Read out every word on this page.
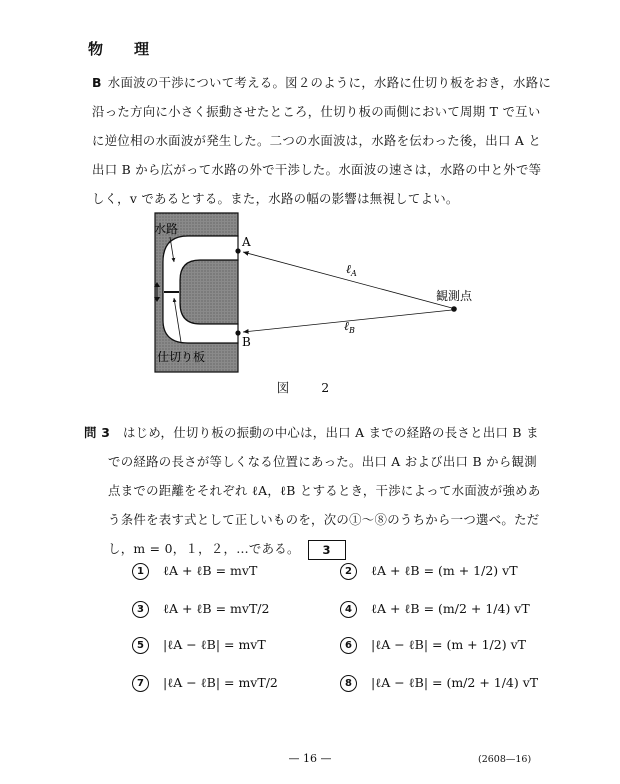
物　理

B 水面波の干渉について考える。図２のように，水路に仕切り板をおき，水路に

沿った方向に小さく振動させたところ，仕切り板の両側において周期 T で互い

に逆位相の水面波が発生した。二つの水面波は，水路を伝わった後，出口 A と

出口 B から広がって水路の外で干渉した。水面波の速さは，水路の中と外で等

しく，v であるとする。また，水路の幅の影響は無視してよい。

水路
仕切り板
A
B
観測点
ℓ$_A$
ℓ$_B$
図 2

問 3　 はじめ，仕切り板の振動の中心は，出口 A までの経路の長さと出口 B ま

での経路の長さが等しくなる位置にあった。出口 A および出口 B から観測

点までの距離をそれぞれ ℓA，ℓB とするとき，干渉によって水面波が強めあ

う条件を表す式として正しいものを，次の①～⑧のうちから一つ選べ。ただ

し，m = 0，１，２，…である。 3

1	ℓA + ℓB = mvT	2	ℓA + ℓB = (m + 1/2) vT
3	ℓA + ℓB = mvT/2	4	ℓA + ℓB = (m/2 + 1/4) vT
5	|ℓA − ℓB| = mvT	6	|ℓA − ℓB| = (m + 1/2) vT
7	|ℓA − ℓB| = mvT/2	8	|ℓA − ℓB| = (m/2 + 1/4) vT
— 16 —	(2608—16)
